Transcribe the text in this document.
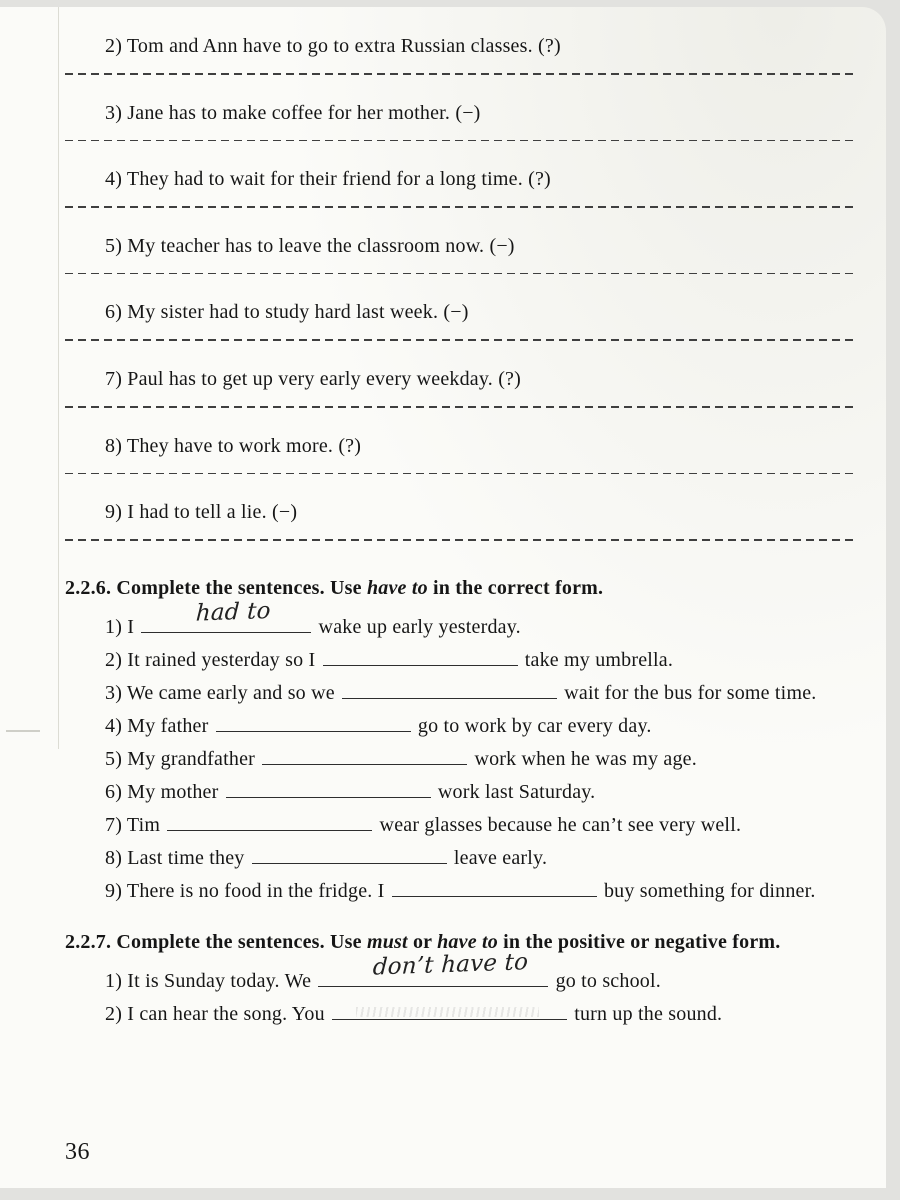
2) Tom and Ann have to go to extra Russian classes. (?)

3) Jane has to make coffee for her mother. (−)

4) They had to wait for their friend for a long time. (?)

5) My teacher has to leave the classroom now. (−)

6) My sister had to study hard last week. (−)

7) Paul has to get up very early every weekday. (?)

8) They have to work more. (?)

9) I had to tell a lie. (−)

2.2.6. Complete the sentences. Use have to in the correct form.

1) I
had to
wake up early yesterday.

2) It rained yesterday so I	take my umbrella.

3) We came early and so we	wait for the bus for some time.

4) My father	go to work by car every day.

5) My grandfather	work when he was my age.

6) My mother	work last Saturday.

7) Tim	wear glasses because he can’t see very well.

8) Last time they	leave early.

9) There is no food in the fridge. I	buy something for dinner.

2.2.7. Complete the sentences. Use must or have to in the positive or negative form.

1) It is Sunday today. We
don’t have to
go to school.

2) I can hear the song. You	turn up the sound.

36
